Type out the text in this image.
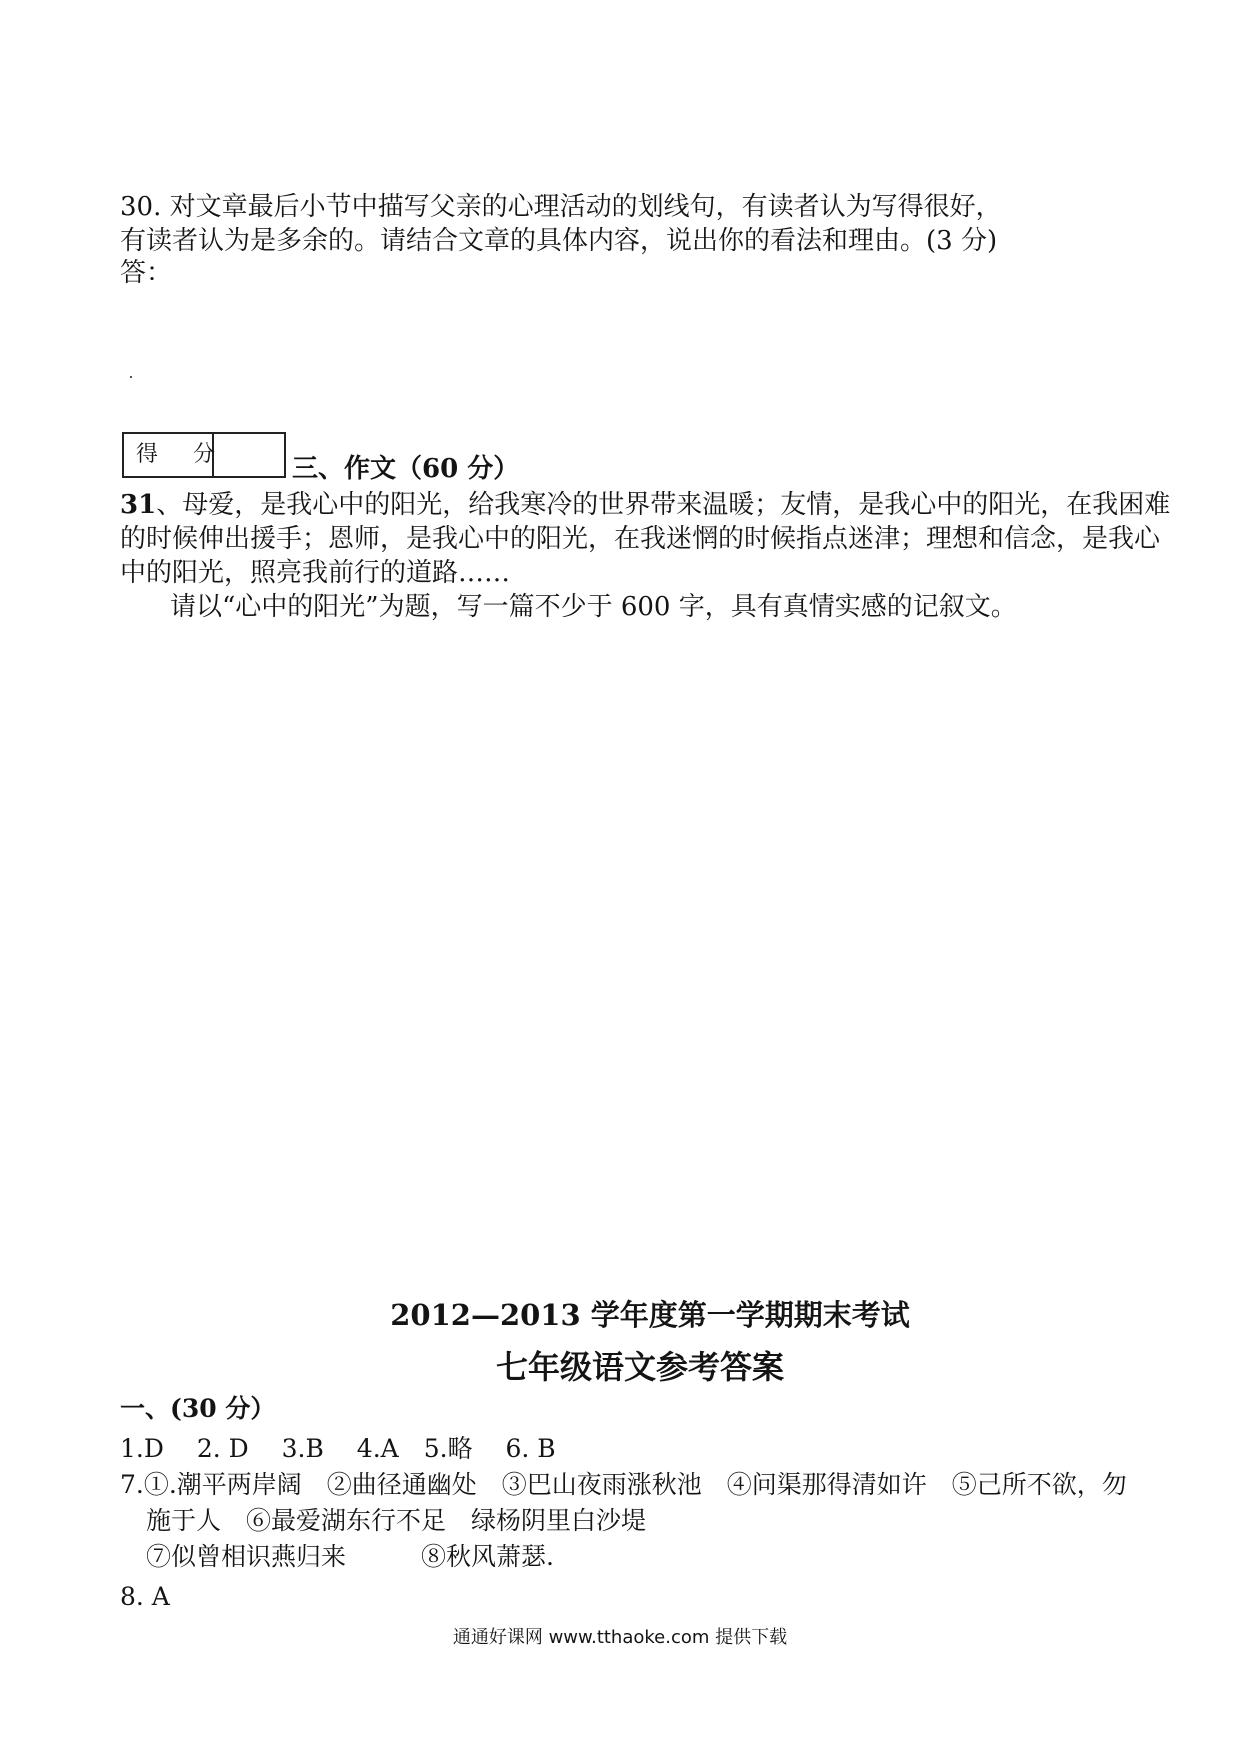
30. 对文章最后小节中描写父亲的心理活动的划线句，有读者认为写得很好，
有读者认为是多余的。请结合文章的具体内容，说出你的看法和理由。(3 分)
答：
得 分 三、作文（60 分）
31、母爱，是我心中的阳光，给我寒冷的世界带来温暖；友情，是我心中的阳光，在我困难
的时候伸出援手；恩师，是我心中的阳光，在我迷惘的时候指点迷津；理想和信念，是我心
中的阳光，照亮我前行的道路……
请以“心中的阳光”为题，写一篇不少于 600 字，具有真情实感的记叙文。
2012—2013 学年度第一学期期末考试
七年级语文参考答案
一、(30 分）
1.D　 2. D　 3.B　 4.A　5.略　 6. B
7.①.潮平两岸阔　②曲径通幽处　③巴山夜雨涨秋池　④问渠那得清如许　⑤己所不欲，勿
施于人　⑥最爱湖东行不足　绿杨阴里白沙堤
⑦似曾相识燕归来　　　⑧秋风萧瑟.
8. A
通通好课网 www.tthaoke.com 提供下载
